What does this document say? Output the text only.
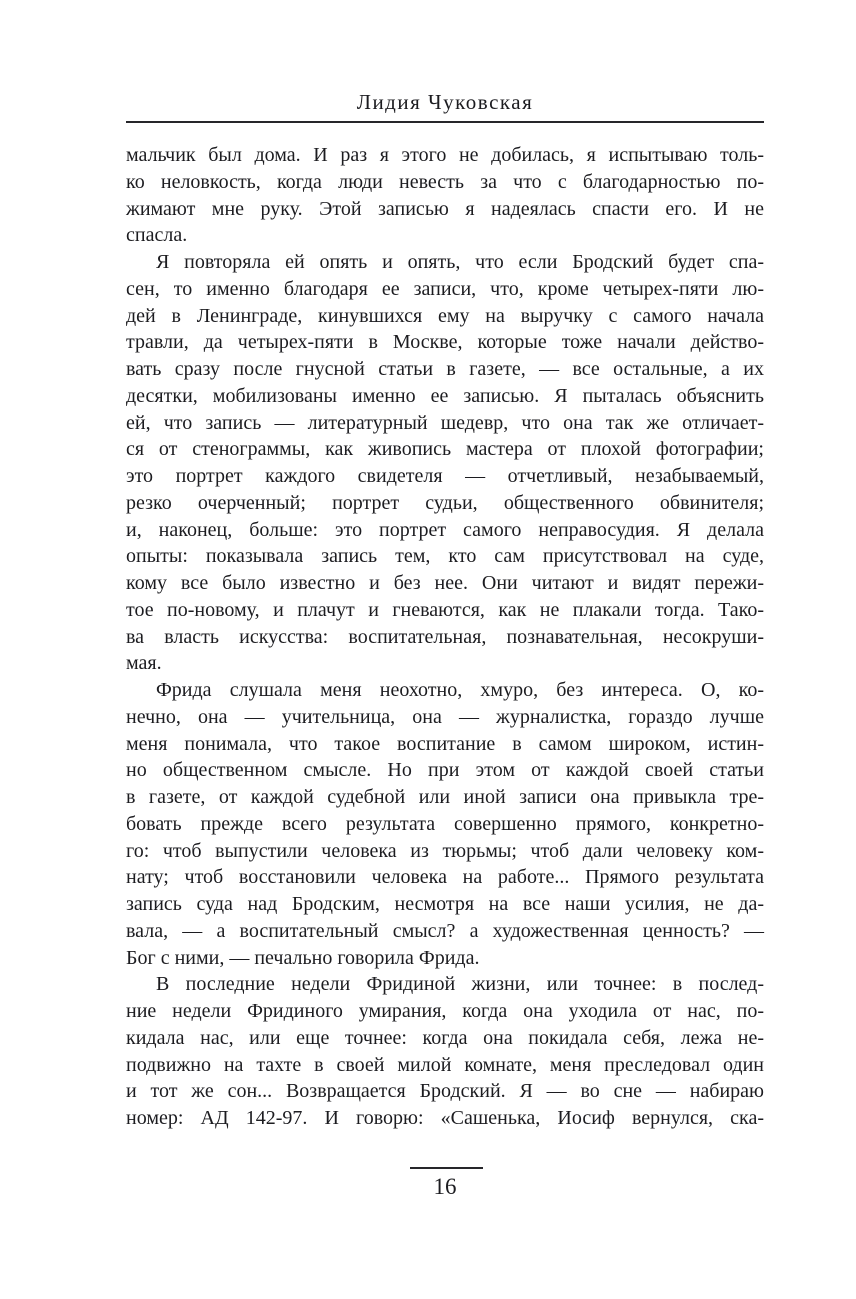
Лидия Чуковская
мальчик был дома. И раз я этого не добилась, я испытываю толь-
ко неловкость, когда люди невесть за что с благодарностью по-
жимают мне руку. Этой записью я надеялась спасти его. И не
спасла.
Я повторяла ей опять и опять, что если Бродский будет спа-
сен, то именно благодаря ее записи, что, кроме четырех-пяти лю-
дей в Ленинграде, кинувшихся ему на выручку с самого начала
травли, да четырех-пяти в Москве, которые тоже начали действо-
вать сразу после гнусной статьи в газете, — все остальные, а их
десятки, мобилизованы именно ее записью. Я пыталась объяснить
ей, что запись — литературный шедевр, что она так же отличает-
ся от стенограммы, как живопись мастера от плохой фотографии;
это портрет каждого свидетеля — отчетливый, незабываемый,
резко очерченный; портрет судьи, общественного обвинителя;
и, наконец, больше: это портрет самого неправосудия. Я делала
опыты: показывала запись тем, кто сам присутствовал на суде,
кому все было известно и без нее. Они читают и видят пережи-
тое по-новому, и плачут и гневаются, как не плакали тогда. Тако-
ва власть искусства: воспитательная, познавательная, несокруши-
мая.
Фрида слушала меня неохотно, хмуро, без интереса. О, ко-
нечно, она — учительница, она — журналистка, гораздо лучше
меня понимала, что такое воспитание в самом широком, истин-
но общественном смысле. Но при этом от каждой своей статьи
в газете, от каждой судебной или иной записи она привыкла тре-
бовать прежде всего результата совершенно прямого, конкретно-
го: чтоб выпустили человека из тюрьмы; чтоб дали человеку ком-
нату; чтоб восстановили человека на работе... Прямого результата
запись суда над Бродским, несмотря на все наши усилия, не да-
вала, — а воспитательный смысл? а художественная ценность? —
Бог с ними, — печально говорила Фрида.
В последние недели Фридиной жизни, или точнее: в послед-
ние недели Фридиного умирания, когда она уходила от нас, по-
кидала нас, или еще точнее: когда она покидала себя, лежа не-
подвижно на тахте в своей милой комнате, меня преследовал один
и тот же сон... Возвращается Бродский. Я — во сне — набираю
номер: АД 142-97. И говорю: «Сашенька, Иосиф вернулся, ска-
16
